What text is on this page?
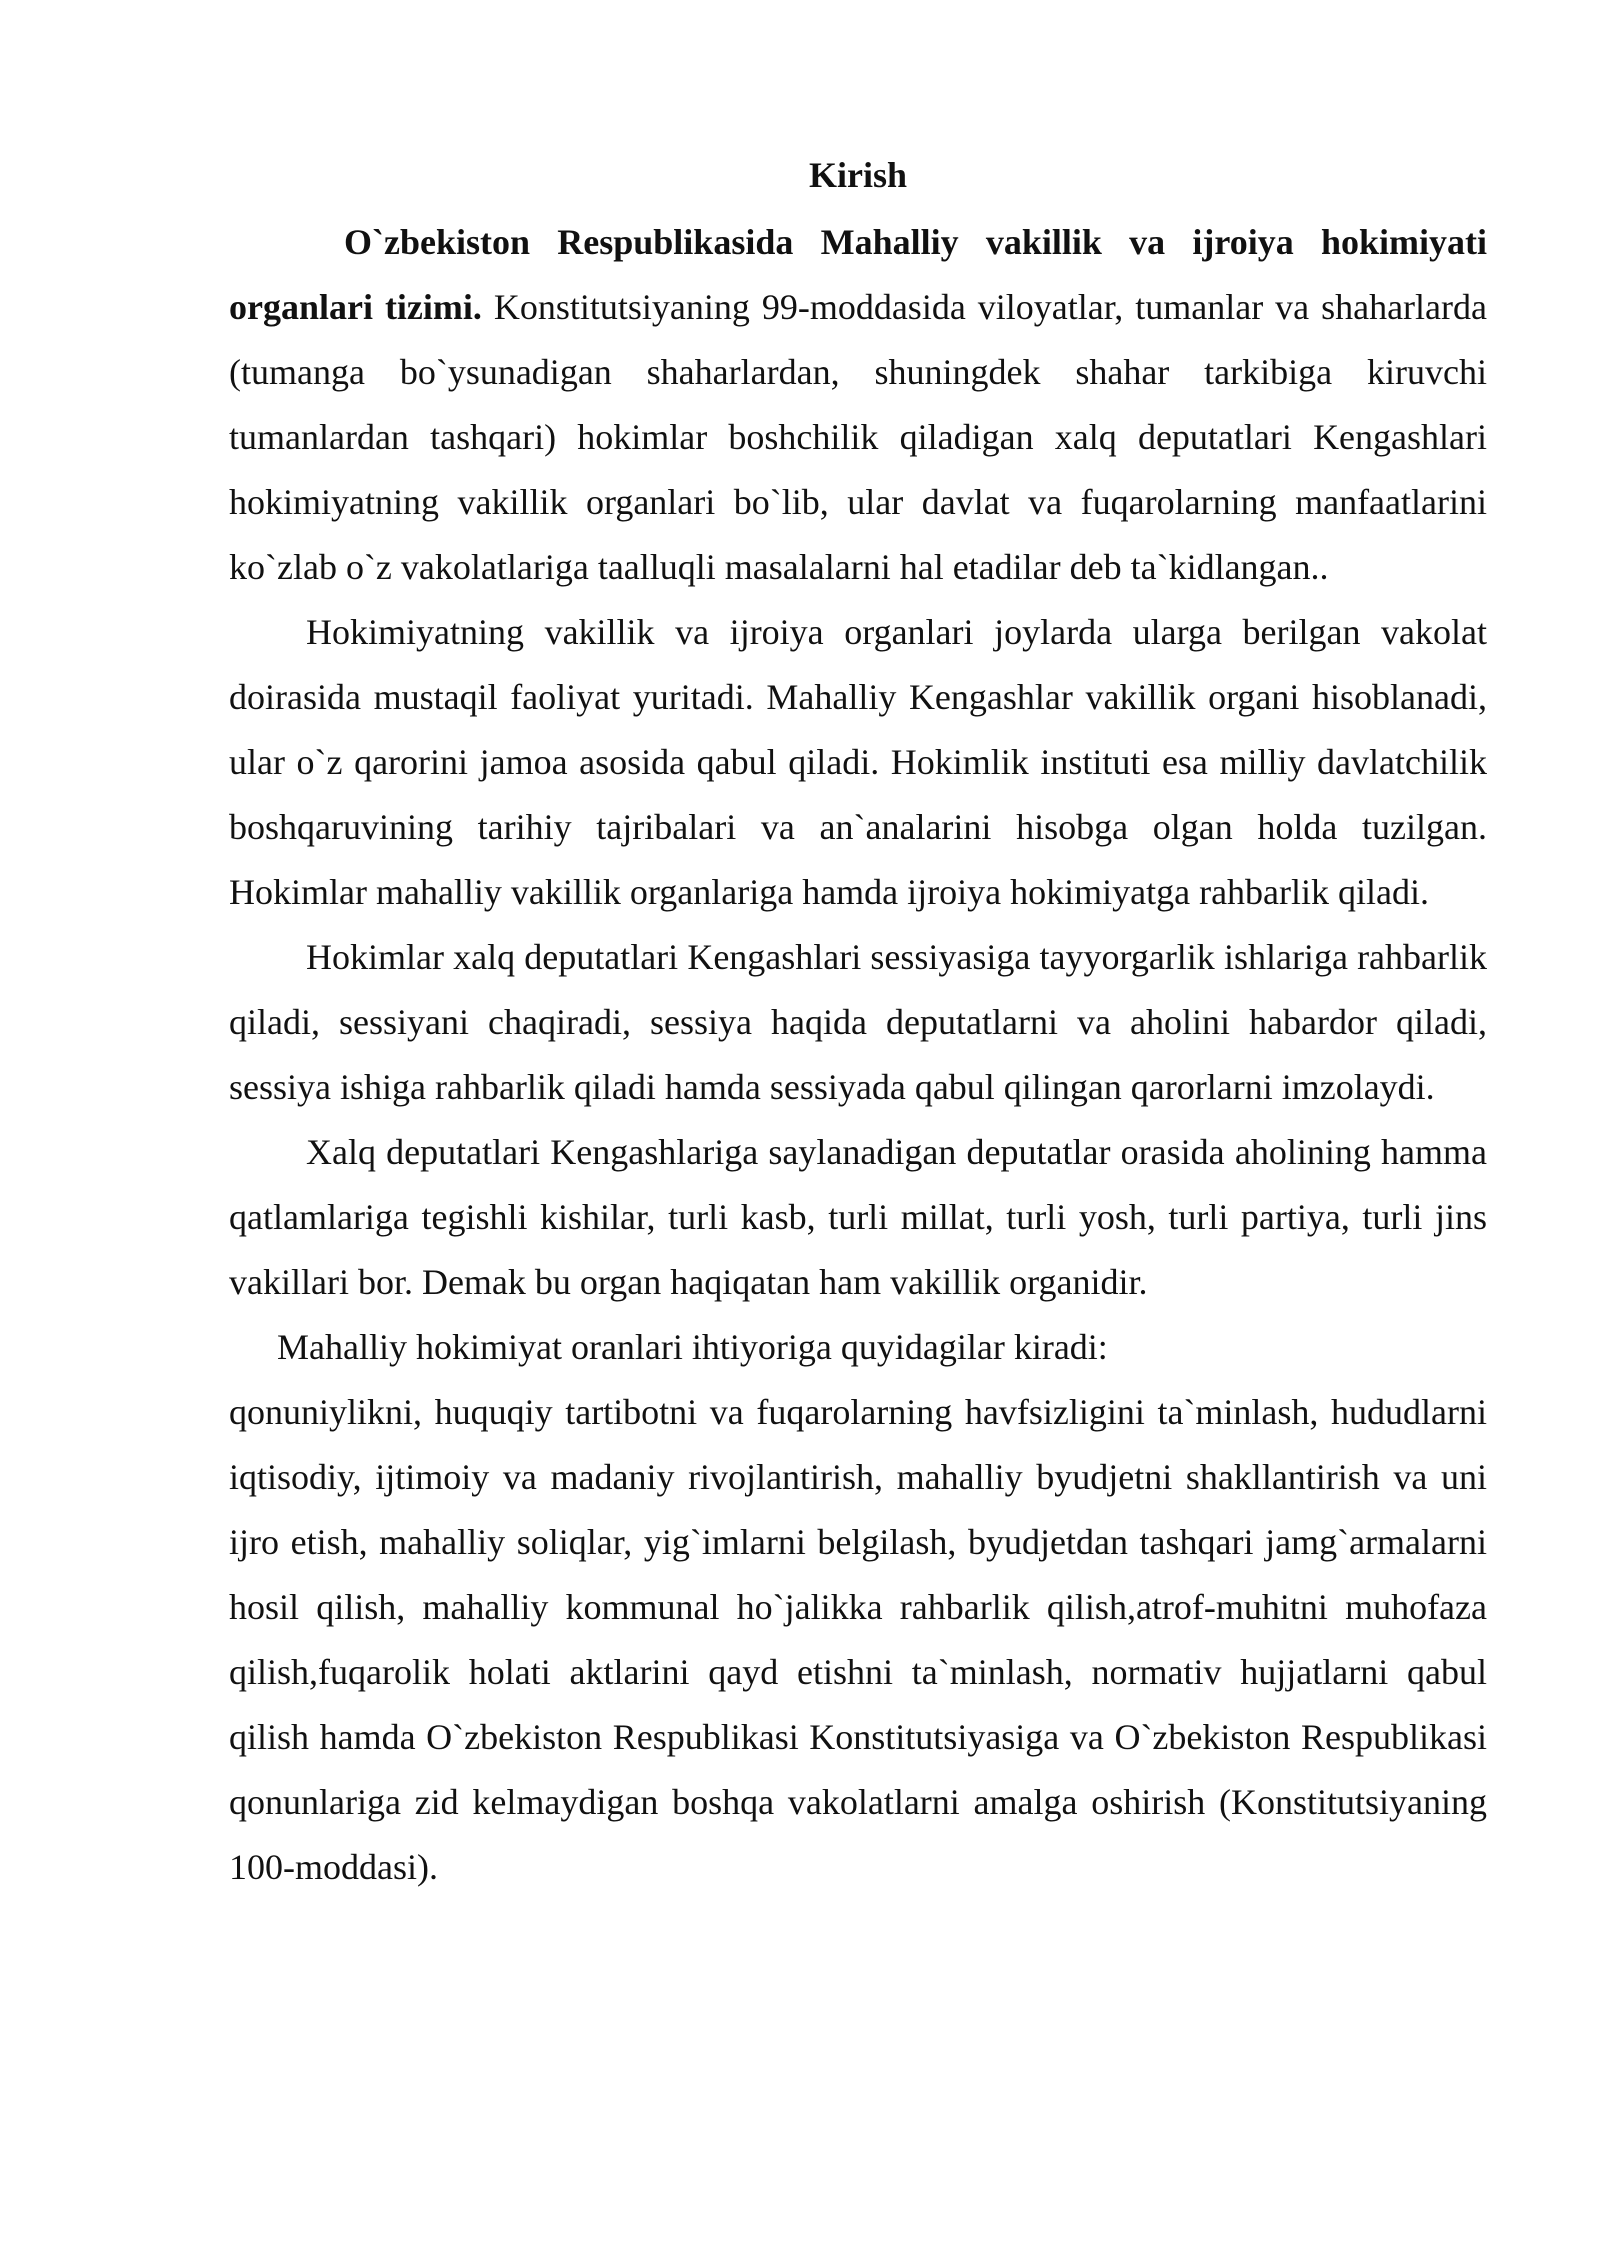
Kirish

O`zbekiston Respublikasida Mahalliy vakillik va ijroiya hokimiyati organlari tizimi. Konstitutsiyaning 99-moddasida viloyatlar, tumanlar va shaharlarda (tumanga bo`ysunadigan shaharlardan, shuningdek shahar tarkibiga kiruvchi tumanlardan tashqari) hokimlar boshchilik qiladigan xalq deputatlari Kengashlari hokimiyatning vakillik organlari bo`lib, ular davlat va fuqarolarning manfaatlarini ko`zlab o`z vakolatlariga taalluqli masalalarni hal etadilar deb ta`kidlangan..

Hokimiyatning vakillik va ijroiya organlari joylarda ularga berilgan vakolat doirasida mustaqil faoliyat yuritadi. Mahalliy Kengashlar vakillik organi hisoblanadi, ular o`z qarorini jamoa asosida qabul qiladi. Hokimlik instituti esa milliy davlatchilik boshqaruvining tarihiy tajribalari va an`analarini hisobga olgan holda tuzilgan. Hokimlar mahalliy vakillik organlariga hamda ijroiya hokimiyatga rahbarlik qiladi.

Hokimlar xalq deputatlari Kengashlari sessiyasiga tayyorgarlik ishlariga rahbarlik qiladi, sessiyani chaqiradi, sessiya haqida deputatlarni va aholini habardor qiladi, sessiya ishiga rahbarlik qiladi hamda sessiyada qabul qilingan qarorlarni imzolaydi.

Xalq deputatlari Kengashlariga saylanadigan deputatlar orasida aholining hamma qatlamlariga tegishli kishilar, turli kasb, turli millat, turli yosh, turli partiya, turli jins vakillari bor. Demak bu organ haqiqatan ham vakillik organidir.

Mahalliy hokimiyat oranlari ihtiyoriga quyidagilar kiradi:

qonuniylikni, huquqiy tartibotni va fuqarolarning havfsizligini ta`minlash, hududlarni iqtisodiy, ijtimoiy va madaniy rivojlantirish, mahalliy byudjetni shakllantirish va uni ijro etish, mahalliy soliqlar, yig`imlarni belgilash, byudjetdan tashqari jamg`armalarni hosil qilish, mahalliy kommunal ho`jalikka rahbarlik qilish,atrof-muhitni muhofaza qilish,fuqarolik holati aktlarini qayd etishni ta`minlash, normativ hujjatlarni qabul qilish hamda O`zbekiston Respublikasi Konstitutsiyasiga va O`zbekiston Respublikasi qonunlariga zid kelmaydigan boshqa vakolatlarni amalga oshirish (Konstitutsiyaning 100-moddasi).
